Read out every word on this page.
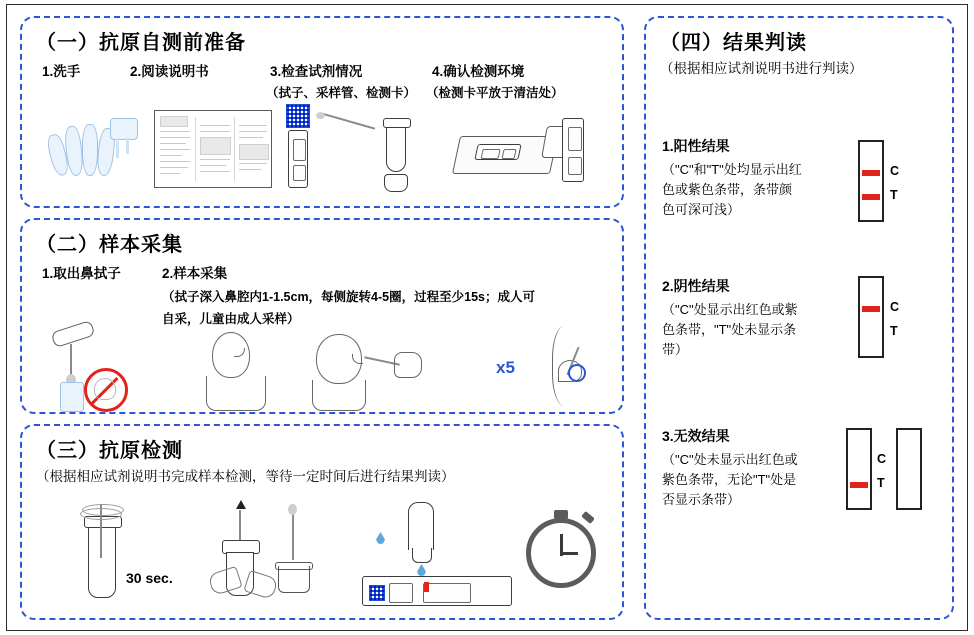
（一）抗原自测前准备
1.洗手	2.阅读说明书	3.检查试剂情况
（拭子、采样管、检测卡）
4.确认检测环境
（检测卡平放于清洁处）
（二）样本采集
1.取出鼻拭子	2.样本采集
（拭子深入鼻腔内1-1.5cm，每侧旋转4-5圈，过程至少15s；成人可
自采，儿童由成人采样）
x5
（三）抗原检测
（根据相应试剂说明书完成样本检测，等待一定时间后进行结果判读）
30 sec.
（四）结果判读
（根据相应试剂说明书进行判读）
1.阳性结果
（"C"和"T"处均显示出红
色或紫色条带，条带颜
色可深可浅）
C
T
2.阴性结果
（"C"处显示出红色或紫
色条带，"T"处未显示条
带）
C
T
3.无效结果
（"C"处未显示出红色或
紫色条带，无论"T"处是
否显示条带）
C
T
